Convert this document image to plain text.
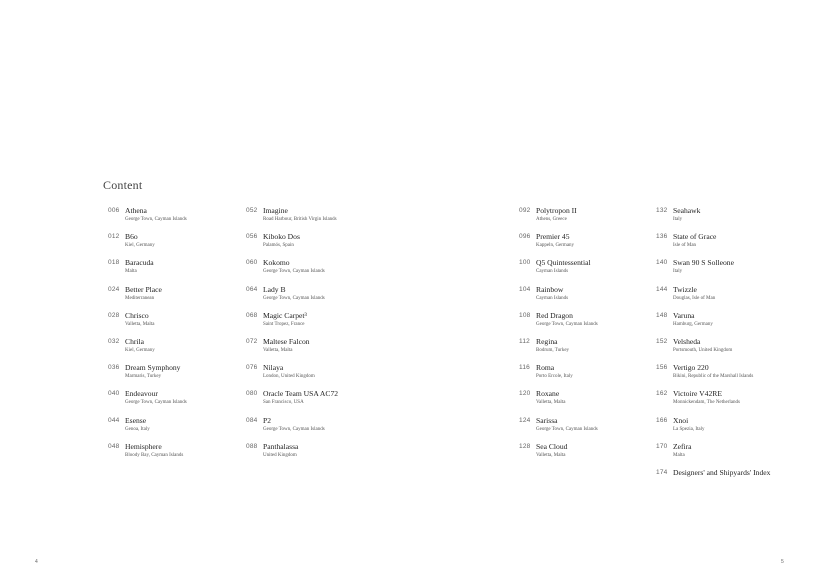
Content
006 Athena
George Town, Cayman Islands
012 B6o
Kiel, Germany
018 Baracuda
Malta
024 Better Place
Mediterranean
028 Chrisco
Valletta, Malta
032 Chrila
Kiel, Germany
036 Dream Symphony
Marmaris, Turkey
040 Endeavour
George Town, Cayman Islands
044 Esense
Genoa, Italy
048 Hemisphere
Bloody Bay, Cayman Islands
052 Imagine
Road Harbour, British Virgin Islands
056 Kiboko Dos
Palamós, Spain
060 Kokomo
George Town, Cayman Islands
064 Lady B
George Town, Cayman Islands
068 Magic Carpet³
Saint Tropez, France
072 Maltese Falcon
Valletta, Malta
076 Nilaya
London, United Kingdom
080 Oracle Team USA AC72
San Francisco, USA
084 P2
George Town, Cayman Islands
088 Panthalassa
United Kingdom
092 Polytropon II
Athens, Greece
096 Premier 45
Kappeln, Germany
100 Q5 Quintessential
Cayman Islands
104 Rainbow
Cayman Islands
108 Red Dragon
George Town, Cayman Islands
112 Regina
Bodrum, Turkey
116 Roma
Porto Ercole, Italy
120 Roxane
Valletta, Malta
124 Sarissa
George Town, Cayman Islands
128 Sea Cloud
Valletta, Malta
132 Seahawk
Italy
136 State of Grace
Isle of Man
140 Swan 90 S Solleone
Italy
144 Twizzle
Douglas, Isle of Man
148 Varuna
Hamburg, Germany
152 Velsheda
Portsmouth, United Kingdom
156 Vertigo 220
Bikini, Republic of the Marshall Islands
162 Victoire V42RE
Monnickendam, The Netherlands
166 Xnoi
La Spezia, Italy
170 Zefira
Malta
174 Designers' and Shipyards' Index
4	5
